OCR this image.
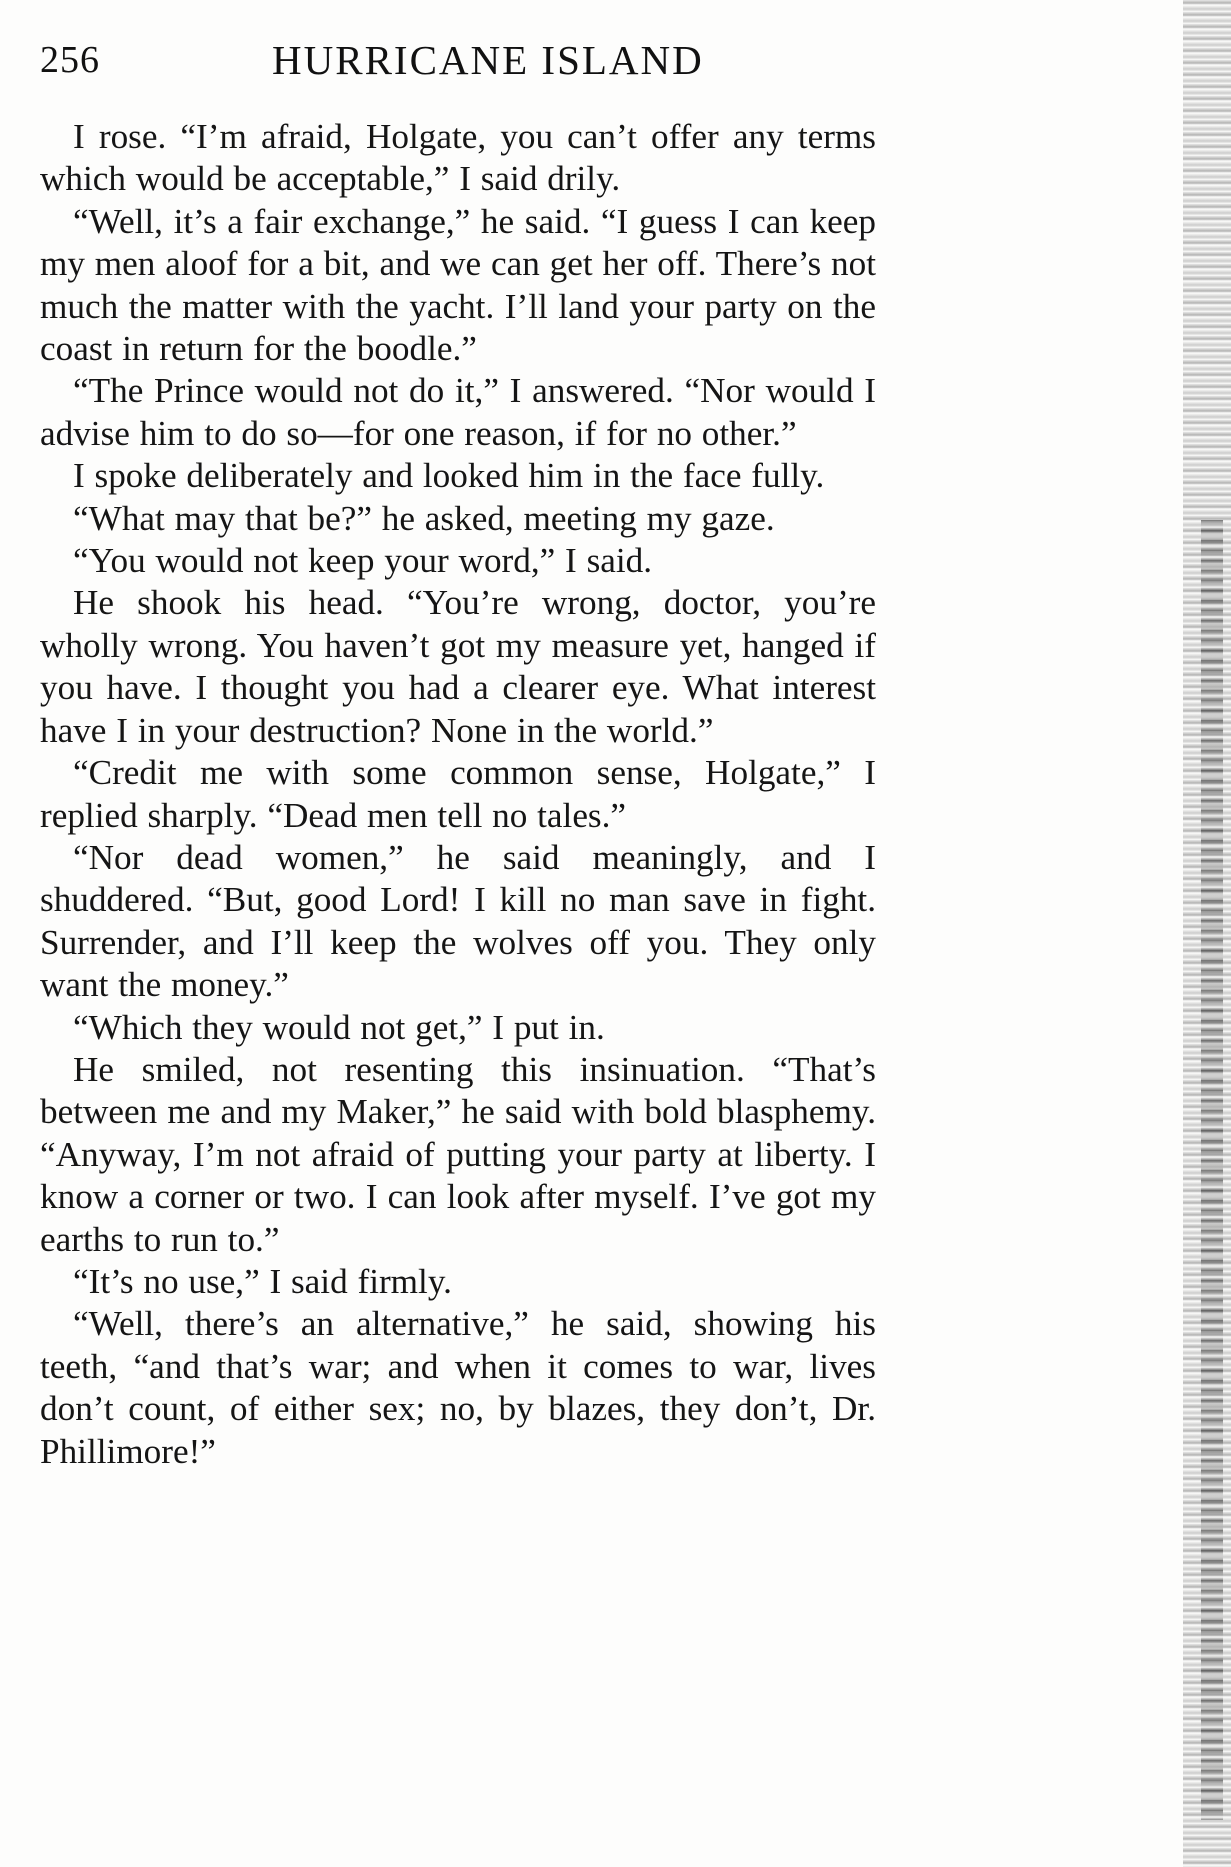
256	HURRICANE ISLAND

I rose. “I’m afraid, Holgate, you can’t offer any terms which would be acceptable,” I said drily.

“Well, it’s a fair exchange,” he said. “I guess I can keep my men aloof for a bit, and we can get her off. There’s not much the matter with the yacht. I’ll land your party on the coast in return for the boodle.”

“The Prince would not do it,” I answered. “Nor would I advise him to do so—for one reason, if for no other.”

I spoke deliberately and looked him in the face fully.

“What may that be?” he asked, meeting my gaze.

“You would not keep your word,” I said.

He shook his head. “You’re wrong, doctor, you’re wholly wrong. You haven’t got my measure yet, hanged if you have. I thought you had a clearer eye. What interest have I in your destruction? None in the world.”

“Credit me with some common sense, Holgate,” I replied sharply. “Dead men tell no tales.”

“Nor dead women,” he said meaningly, and I shuddered. “But, good Lord! I kill no man save in fight. Surrender, and I’ll keep the wolves off you. They only want the money.”

“Which they would not get,” I put in.

He smiled, not resenting this insinuation. “That’s between me and my Maker,” he said with bold blasphemy. “Anyway, I’m not afraid of putting your party at liberty. I know a corner or two. I can look after myself. I’ve got my earths to run to.”

“It’s no use,” I said firmly.

“Well, there’s an alternative,” he said, showing his teeth, “and that’s war; and when it comes to war, lives don’t count, of either sex; no, by blazes, they don’t, Dr. Phillimore!”
